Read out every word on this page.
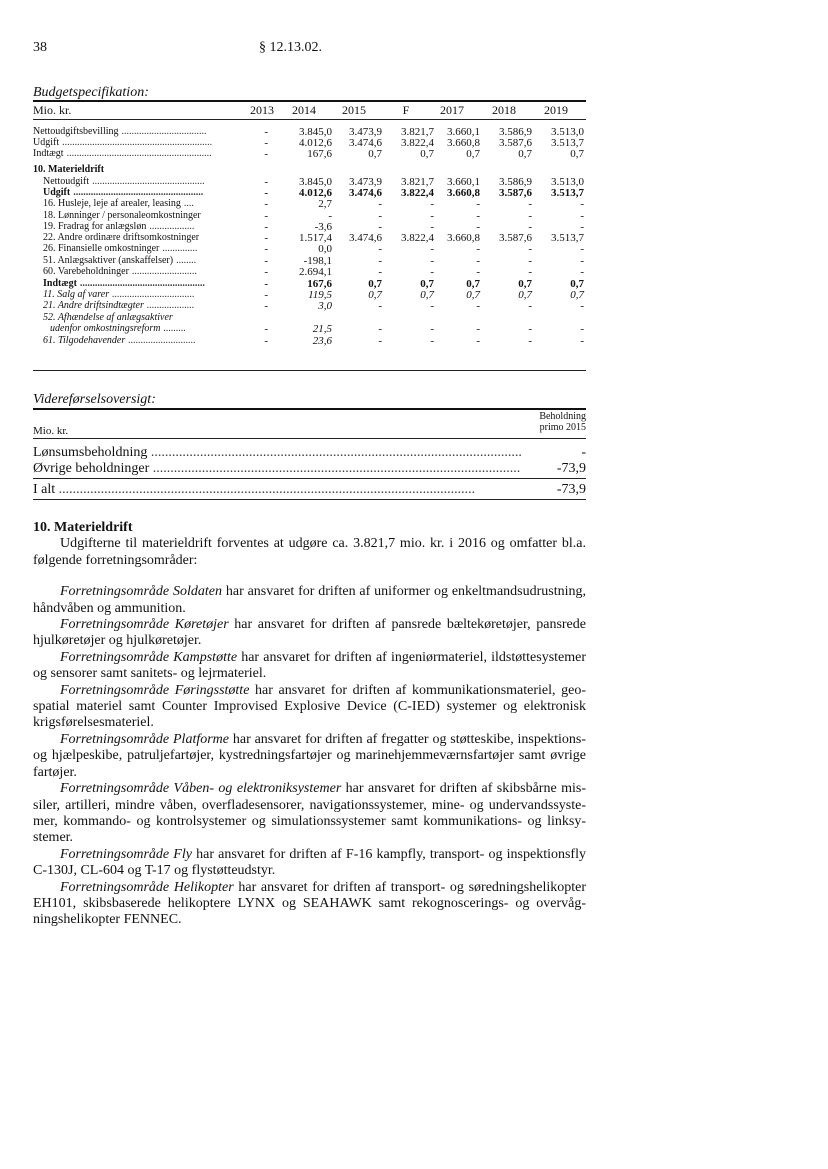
38	§ 12.13.02.
Budgetspecifikation:
Mio. kr.	2013	2014	2015	F	2017	2018	2019
Nettoudgiftsbevilling ..................................	-	3.845,0	3.473,9	3.821,7	3.660,1	3.586,9	3.513,0
Udgift ............................................................	-	4.012,6	3.474,6	3.822,4	3.660,8	3.587,6	3.513,7
Indtægt ..........................................................	-	167,6	0,7	0,7	0,7	0,7	0,7
10. Materieldrift
Nettoudgift .............................................	-	3.845,0	3.473,9	3.821,7	3.660,1	3.586,9	3.513,0
Udgift ....................................................	-	4.012,6	3.474,6	3.822,4	3.660,8	3.587,6	3.513,7
16. Husleje, leje af arealer, leasing ....	-	2,7	-	-	-	-	-
18. Lønninger / personaleomkostninger	-	-	-	-	-	-	-
19. Fradrag for anlægsløn ..................	-	-3,6	-	-	-	-	-
22. Andre ordinære driftsomkostninger	-	1.517,4	3.474,6	3.822,4	3.660,8	3.587,6	3.513,7
26. Finansielle omkostninger ..............	-	0,0	-	-	-	-	-
51. Anlægsaktiver (anskaffelser) ........	-	-198,1	-	-	-	-	-
60. Varebeholdninger ..........................	-	2.694,1	-	-	-	-	-
Indtægt ..................................................	-	167,6	0,7	0,7	0,7	0,7	0,7
11. Salg af varer .................................	-	119,5	0,7	0,7	0,7	0,7	0,7
21. Andre driftsindtægter ...................	-	3,0	-	-	-	-	-
52. Afhændelse af anlægsaktiver
udenfor omkostningsreform .........	-	21,5	-	-	-	-	-
61. Tilgodehavender ...........................	-	23,6	-	-	-	-	-
Videreførselsoversigt:
Beholdning
primo 2015
Mio. kr.
Lønsumsbeholdning ..........................................................................................................	-
Øvrige beholdninger .........................................................................................................	-73,9
I alt .......................................................................................................................	-73,9

10. Materieldrift

Udgifterne til materieldrift forventes at udgøre ca. 3.821,7 mio. kr. i 2016 og omfatter bl.a. følgende forretningsområder:

Forretningsområde Soldaten har ansvaret for driften af uniformer og enkeltmandsudrustning, håndvåben og ammunition.

Forretningsområde Køretøjer har ansvaret for driften af pansrede bæltekøretøjer, pansrede hjulkøretøjer og hjulkøretøjer.

Forretningsområde Kampstøtte har ansvaret for driften af ingeniørmateriel, ildstøttesystemer og sensorer samt sanitets- og lejrmateriel.

Forretningsområde Føringsstøtte har ansvaret for driften af kommunikationsmateriel, geo-spatial materiel samt Counter Improvised Explosive Device (C-IED) systemer og elektronisk krigsførelsesmateriel.

Forretningsområde Platforme har ansvaret for driften af fregatter og støtteskibe, inspektions- og hjælpeskibe, patruljefartøjer, kystredningsfartøjer og marinehjemmeværnsfartøjer samt øvrige fartøjer.

Forretningsområde Våben- og elektroniksystemer har ansvaret for driften af skibsbårne mis-siler, artilleri, mindre våben, overfladesensorer, navigationssystemer, mine- og undervandssyste-mer, kommando- og kontrolsystemer og simulationssystemer samt kommunikations- og linksy-stemer.

Forretningsområde Fly har ansvaret for driften af F-16 kampfly, transport- og inspektionsfly C-130J, CL-604 og T-17 og flystøtteudstyr.

Forretningsområde Helikopter har ansvaret for driften af transport- og søredningshelikopter EH101, skibsbaserede helikoptere LYNX og SEAHAWK samt rekognoscerings- og overvåg-ningshelikopter FENNEC.
